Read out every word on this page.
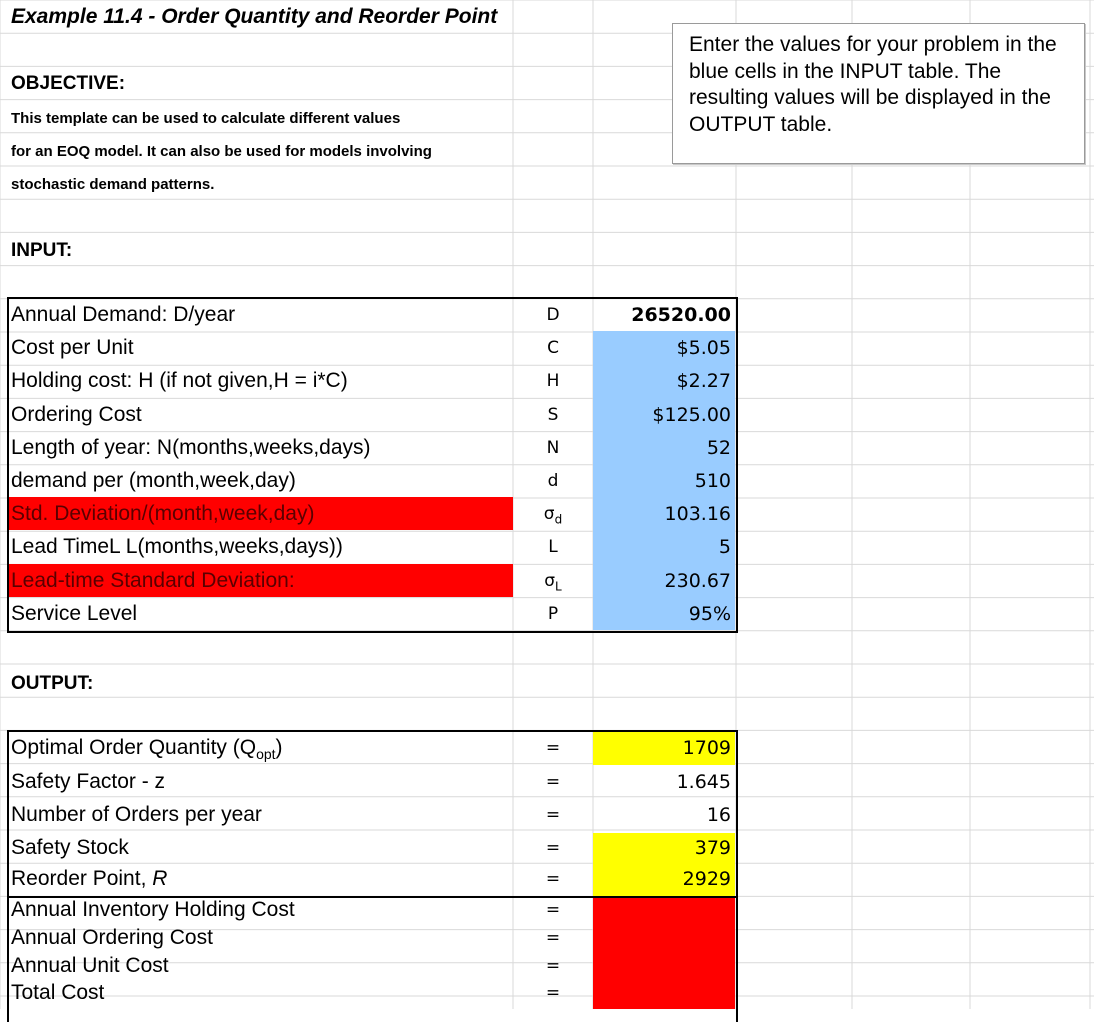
Example 11.4 - Order Quantity and Reorder Point
OBJECTIVE:
This template can be used to calculate different values
for an EOQ model. It can also be used for models involving
stochastic demand patterns.
INPUT:
OUTPUT:
Enter the values for your problem in the blue cells in the INPUT table. The resulting values will be displayed in the OUTPUT table.
Annual Demand: D/year	D	26520.00
Cost per Unit	C	$5.05
Holding cost: H (if not given,H = i*C)	H	$2.27
Ordering Cost	S	$125.00
Length of year: N(months,weeks,days)	N	52
demand per (month,week,day)	d	510
Std. Deviation/(month,week,day)	$\sigma_d$	103.16
Lead TimeL L(months,weeks,days))	L	5
Lead-time Standard Deviation:	$\sigma_L$	230.67
Service Level	P	95%
Optimal Order Quantity $(Q_{opt})$	=	1709
Safety Factor - z	=	1.645
Number of Orders per year	=	16
Safety Stock	=	379
Reorder Point, R	=	2929
Annual Inventory Holding Cost	=
Annual Ordering Cost	=
Annual Unit Cost	=
Total Cost	=
